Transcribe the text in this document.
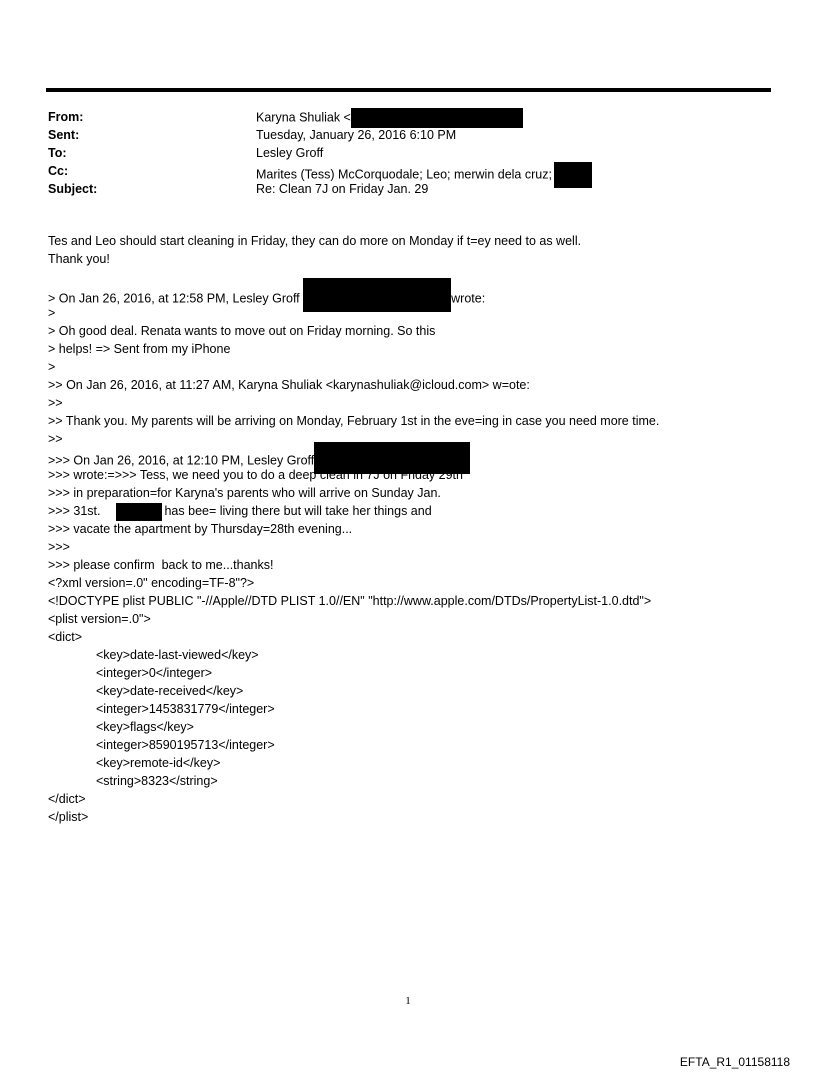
From:	Karyna Shuliak <
Sent:	Tuesday, January 26, 2016 6:10 PM
To:	Lesley Groff
Cc:	Marites (Tess) McCorquodale; Leo; merwin dela cruz;
Subject:	Re: Clean 7J on Friday Jan. 29
Tes and Leo should start cleaning in Friday, they can do more on Monday if t=ey need to as well.
Thank you!
> On Jan 26, 2016, at 12:58 PM, Lesley Groff	wrote:
>
> Oh good deal. Renata wants to move out on Friday morning. So this
> helps! => Sent from my iPhone
>
>> On Jan 26, 2016, at 11:27 AM, Karyna Shuliak <karynashuliak@icloud.com> w=ote:
>>
>> Thank you. My parents will be arriving on Monday, February 1st in the eve=ing in case you need more time.
>>
>>> On Jan 26, 2016, at 12:10 PM, Lesley Groff
>>> wrote:=>>> Tess, we need you to do a deep clean in 7J on Friday 29th
>>> in preparation=for Karyna's parents who will arrive on Sunday Jan.
>>> 31st.	has bee= living there but will take her things and
>>> vacate the apartment by Thursday=28th evening...
>>>
>>> please confirm  back to me...thanks!
<?xml version=.0" encoding=TF-8"?>
<!DOCTYPE plist PUBLIC "-//Apple//DTD PLIST 1.0//EN" "http://www.apple.com/DTDs/PropertyList-1.0.dtd">
<plist version=.0">
<dict>
<key>date-last-viewed</key>
<integer>0</integer>
<key>date-received</key>
<integer>1453831779</integer>
<key>flags</key>
<integer>8590195713</integer>
<key>remote-id</key>
<string>8323</string>
</dict>
</plist>
1
EFTA_R1_01158118
